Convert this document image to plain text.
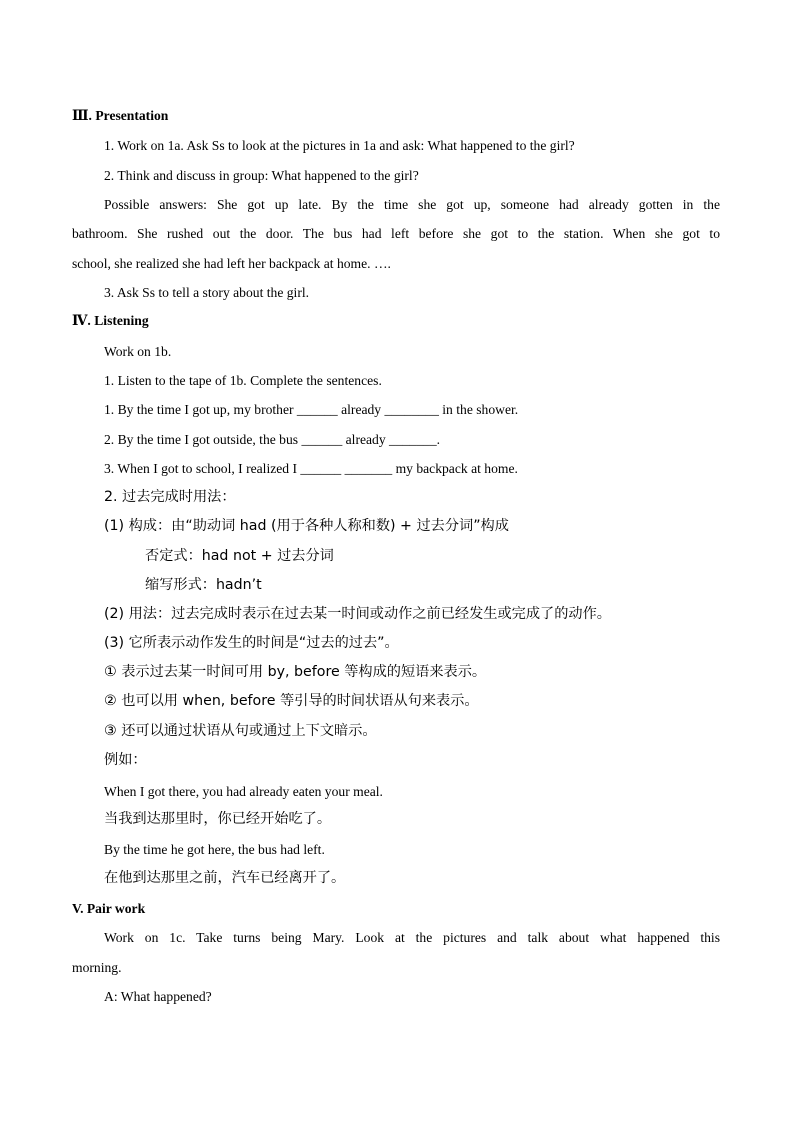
Ⅲ. Presentation
1. Work on 1a. Ask Ss to look at the pictures in 1a and ask: What happened to the girl?
2. Think and discuss in group: What happened to the girl?
Possible answers: She got up late. By the time she got up, someone had already gotten in the
bathroom. She rushed out the door. The bus had left before she got to the station. When she got to
school, she realized she had left her backpack at home. ….
3. Ask Ss to tell a story about the girl.
Ⅳ. Listening
Work on 1b.
1. Listen to the tape of 1b. Complete the sentences.
1. By the time I got up, my brother ______ already ________ in the shower.
2. By the time I got outside, the bus ______ already _______.
3. When I got to school, I realized I ______ _______ my backpack at home.
2. 过去完成时用法：
(1) 构成：由“助动词 had (用于各种人称和数) + 过去分词”构成
否定式：had not + 过去分词
缩写形式：hadn’t
(2) 用法：过去完成时表示在过去某一时间或动作之前已经发生或完成了的动作。
(3) 它所表示动作发生的时间是“过去的过去”。
① 表示过去某一时间可用 by, before 等构成的短语来表示。
② 也可以用 when, before 等引导的时间状语从句来表示。
③ 还可以通过状语从句或通过上下文暗示。
例如：
When I got there, you had already eaten your meal.
当我到达那里时，你已经开始吃了。
By the time he got here, the bus had left.
在他到达那里之前，汽车已经离开了。
V. Pair work
Work on 1c. Take turns being Mary. Look at the pictures and talk about what happened this
morning.
A: What happened?
